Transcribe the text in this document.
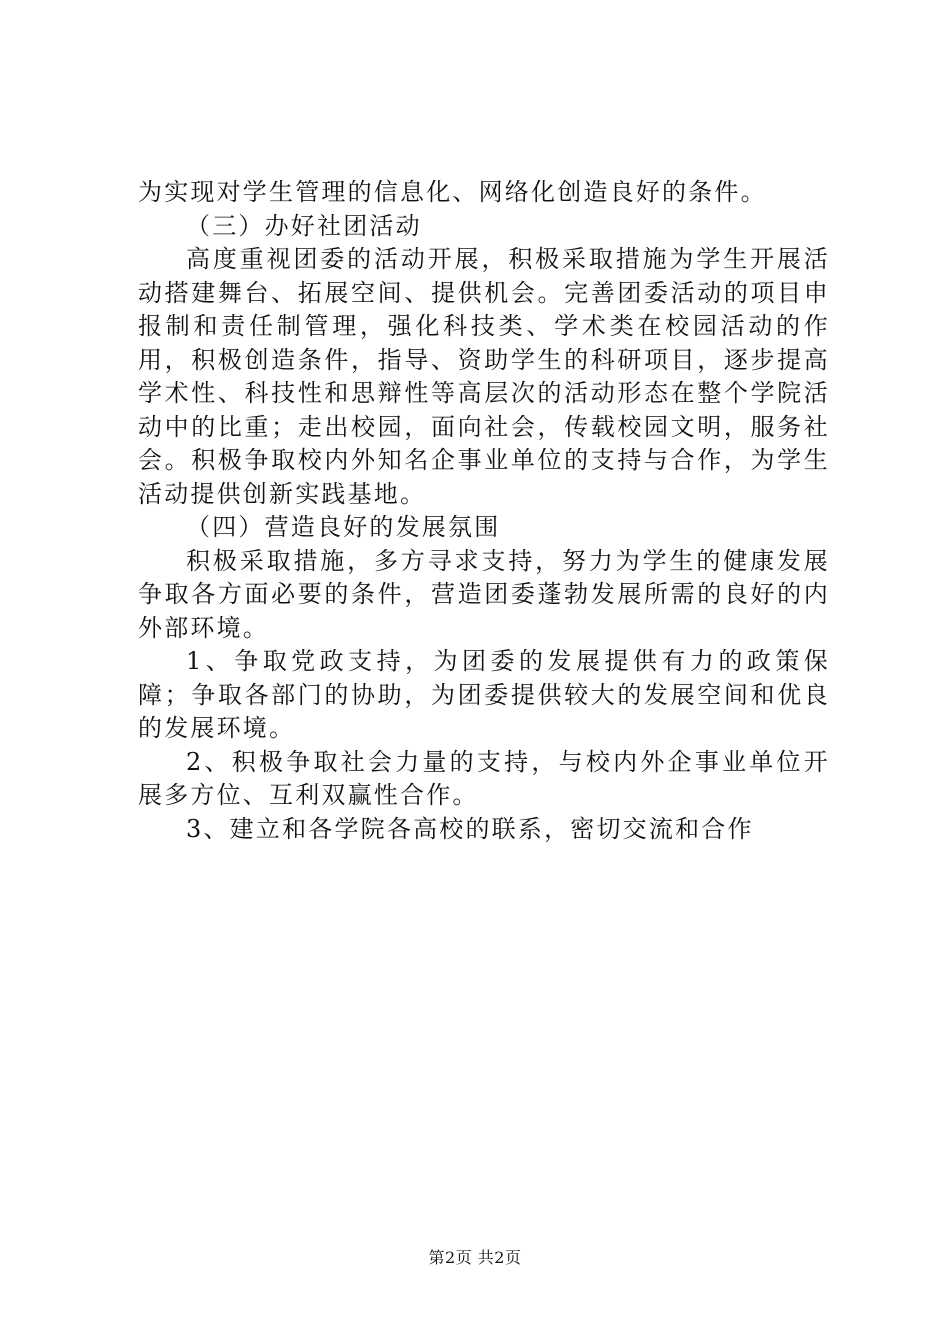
为实现对学生管理的信息化、网络化创造良好的条件。

（三）办好社团活动

高度重视团委的活动开展，积极采取措施为学生开展活动搭建舞台、拓展空间、提供机会。完善团委活动的项目申报制和责任制管理，强化科技类、学术类在校园活动的作用，积极创造条件，指导、资助学生的科研项目，逐步提高学术性、科技性和思辩性等高层次的活动形态在整个学院活动中的比重；走出校园，面向社会，传载校园文明，服务社会。积极争取校内外知名企事业单位的支持与合作，为学生活动提供创新实践基地。

（四）营造良好的发展氛围

积极采取措施，多方寻求支持，努力为学生的健康发展争取各方面必要的条件，营造团委蓬勃发展所需的良好的内外部环境。

1、争取党政支持，为团委的发展提供有力的政策保障；争取各部门的协助，为团委提供较大的发展空间和优良的发展环境。

2、积极争取社会力量的支持，与校内外企事业单位开展多方位、互利双赢性合作。

3、建立和各学院各高校的联系，密切交流和合作

第2页 共2页
